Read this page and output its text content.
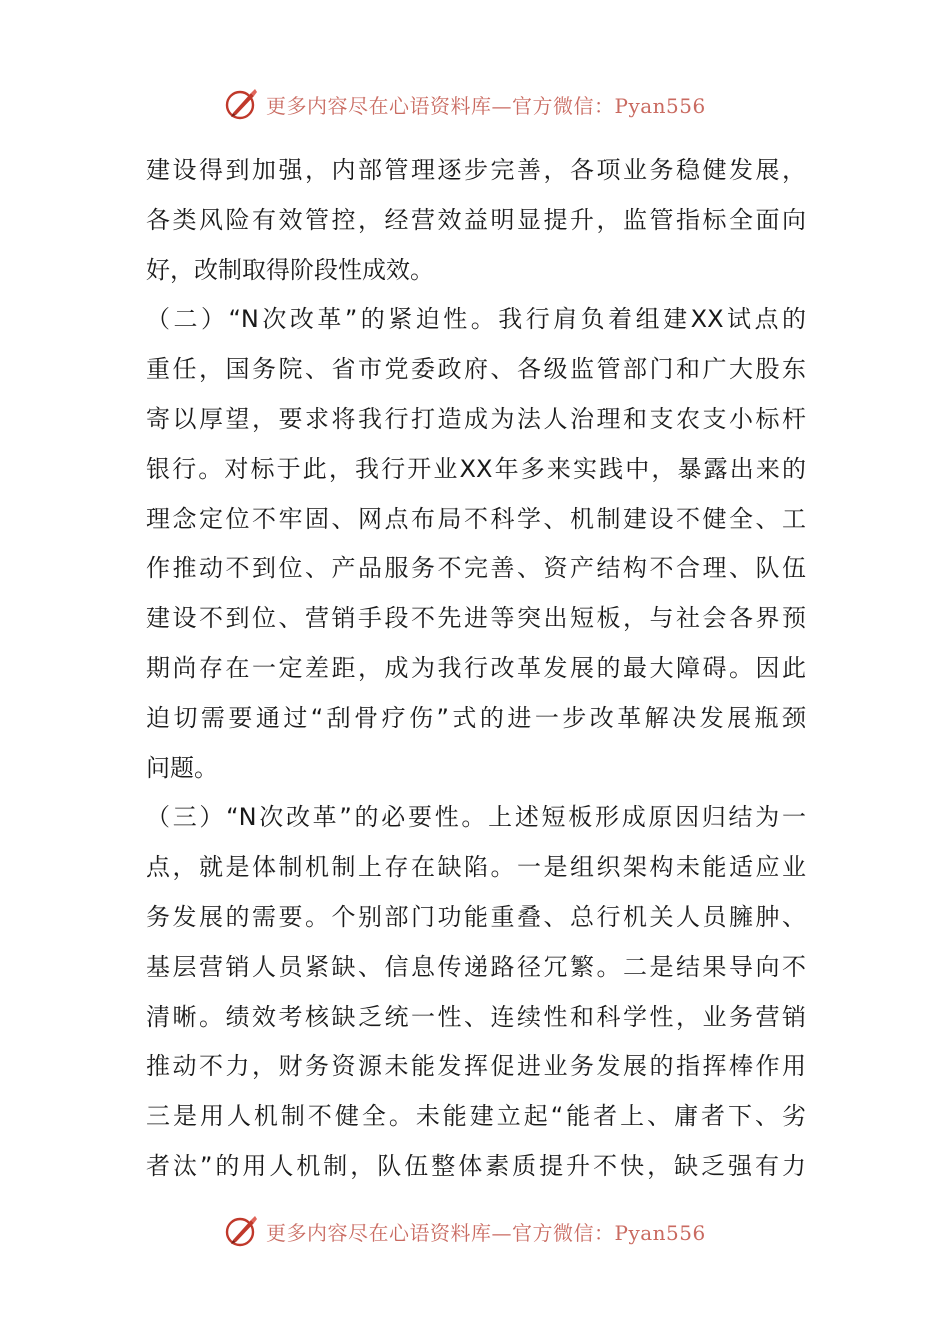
更多内容尽在心语资料库—官方微信：Pyan556
建设得到加强，内部管理逐步完善，各项业务稳健发展，
各类风险有效管控，经营效益明显提升，监管指标全面向
好，改制取得阶段性成效。
（二）“N次改革”的紧迫性。我行肩负着组建XX试点的
重任，国务院、省市党委政府、各级监管部门和广大股东
寄以厚望，要求将我行打造成为法人治理和支农支小标杆
银行。对标于此，我行开业XX年多来实践中，暴露出来的
理念定位不牢固、网点布局不科学、机制建设不健全、工
作推动不到位、产品服务不完善、资产结构不合理、队伍
建设不到位、营销手段不先进等突出短板，与社会各界预
期尚存在一定差距，成为我行改革发展的最大障碍。因此
迫切需要通过“刮骨疗伤”式的进一步改革解决发展瓶颈
问题。
（三）“N次改革”的必要性。上述短板形成原因归结为一
点，就是体制机制上存在缺陷。一是组织架构未能适应业
务发展的需要。个别部门功能重叠、总行机关人员臃肿、
基层营销人员紧缺、信息传递路径冗繁。二是结果导向不
清晰。绩效考核缺乏统一性、连续性和科学性，业务营销
推动不力，财务资源未能发挥促进业务发展的指挥棒作用
三是用人机制不健全。未能建立起“能者上、庸者下、劣
者汰”的用人机制，队伍整体素质提升不快，缺乏强有力
更多内容尽在心语资料库—官方微信：Pyan556
